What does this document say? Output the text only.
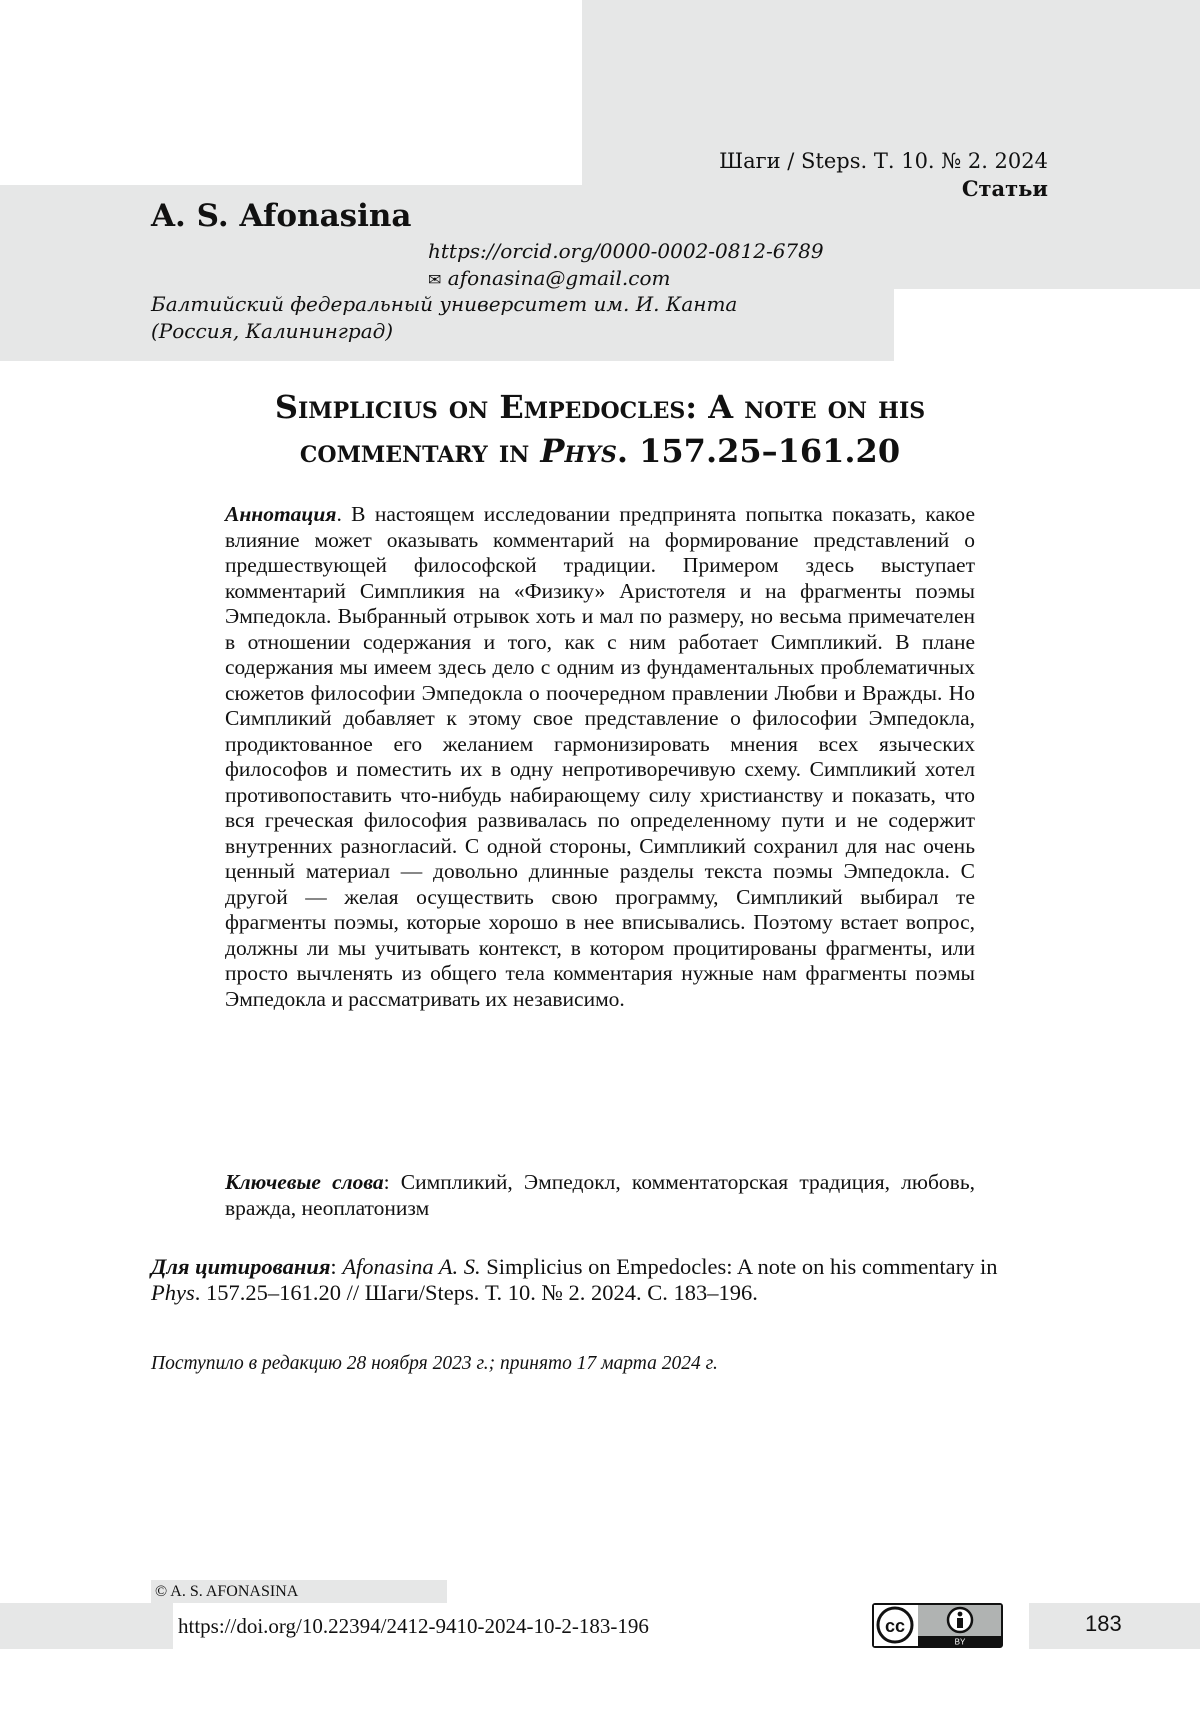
Шаги / Steps. Т. 10. № 2. 2024
Статьи
A. S. Afonasina
https://orcid.org/0000-0002-0812-6789
✉ afonasina@gmail.com
Балтийский федеральный университет им. И. Канта
(Россия, Калининград)
Simplicius on Empedocles: A note on his
commentary in Phys. 157.25–161.20
Аннотация. В настоящем исследовании предпринята попытка показать, какое влияние может оказывать комментарий на формирование представлений о предшествующей философской традиции. Примером здесь выступает комментарий Симпликия на «Физику» Аристотеля и на фрагменты поэмы Эмпедокла. Выбранный отрывок хоть и мал по размеру, но весьма примечателен в отношении содержания и того, как с ним работает Симпликий. В плане содержания мы имеем здесь дело с одним из фундаментальных проблематичных сюжетов философии Эмпедокла о поочередном правлении Любви и Вражды. Но Симпликий добавляет к этому свое представление о философии Эмпедокла, продиктованное его желанием гармонизировать мнения всех языческих философов и поместить их в одну непротиворечивую схему. Симпликий хотел противопоставить что-нибудь набирающему силу христианству и показать, что вся греческая философия развивалась по определенному пути и не содержит внутренних разногласий. С одной стороны, Симпликий сохранил для нас очень ценный материал — довольно длинные разделы текста поэмы Эмпедокла. С другой — желая осуществить свою программу, Симпликий выбирал те фрагменты поэмы, которые хорошо в нее вписывались. Поэтому встает вопрос, должны ли мы учитывать контекст, в котором процитированы фрагменты, или просто вычленять из общего тела комментария нужные нам фрагменты поэмы Эмпедокла и рассматривать их независимо.
Ключевые слова: Симпликий, Эмпедокл, комментаторская традиция, любовь, вражда, неоплатонизм
Для цитирования: Afonasina A. S. Simplicius on Empedocles: A note on his commentary in Phys. 157.25–161.20 // Шаги/Steps. Т. 10. № 2. 2024. С. 183–196.
Поступило в редакцию 28 ноября 2023 г.; принято 17 марта 2024 г.
© A. S. AFONASINA
https://doi.org/10.22394/2412-9410-2024-10-2-183-196	cc
BY
183
